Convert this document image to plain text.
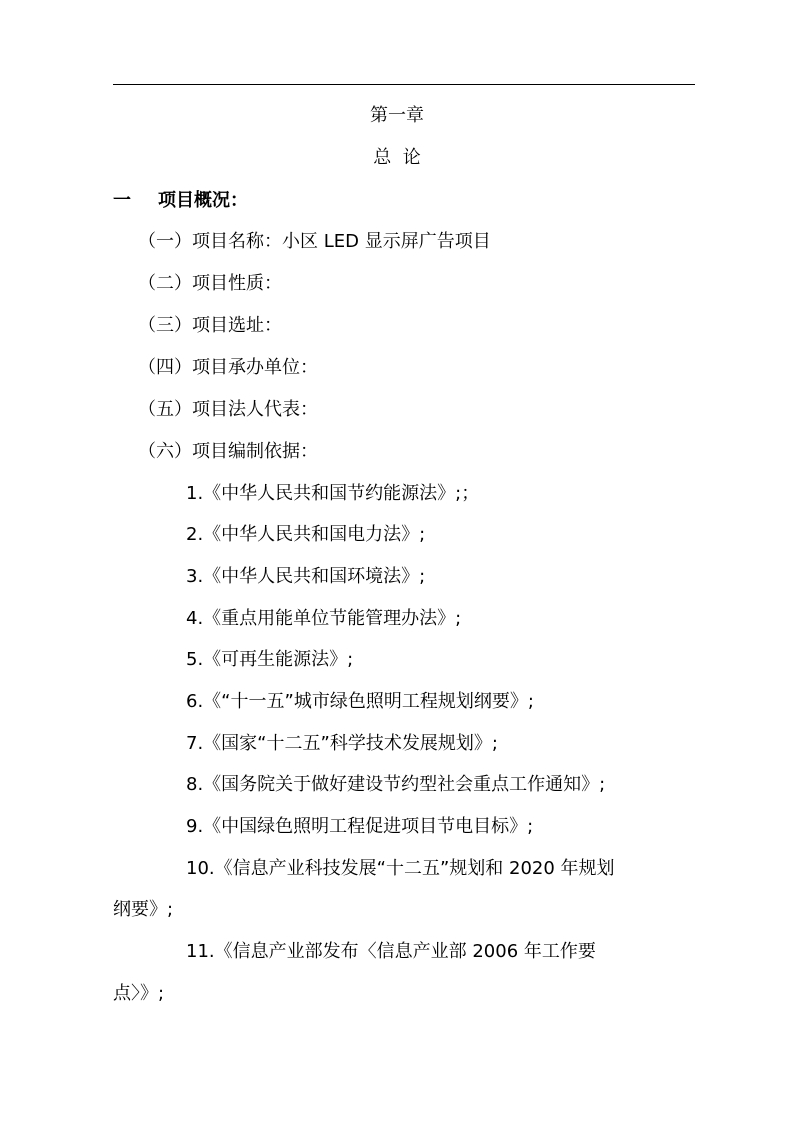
第一章
总  论
一 项目概况：
（一）项目名称：小区 LED 显示屏广告项目
（二）项目性质：
（三）项目选址：
（四）项目承办单位：
（五）项目法人代表：
（六）项目编制依据：
1.《中华人民共和国节约能源法》;；
2.《中华人民共和国电力法》;
3.《中华人民共和国环境法》;
4.《重点用能单位节能管理办法》;
5.《可再生能源法》;
6.《“十一五”城市绿色照明工程规划纲要》;
7.《国家“十二五”科学技术发展规划》;
8.《国务院关于做好建设节约型社会重点工作通知》;
9.《中国绿色照明工程促进项目节电目标》;
10.《信息产业科技发展“十二五”规划和 2020 年规划
纲要》;
11.《信息产业部发布〈信息产业部 2006 年工作要
点〉》;
